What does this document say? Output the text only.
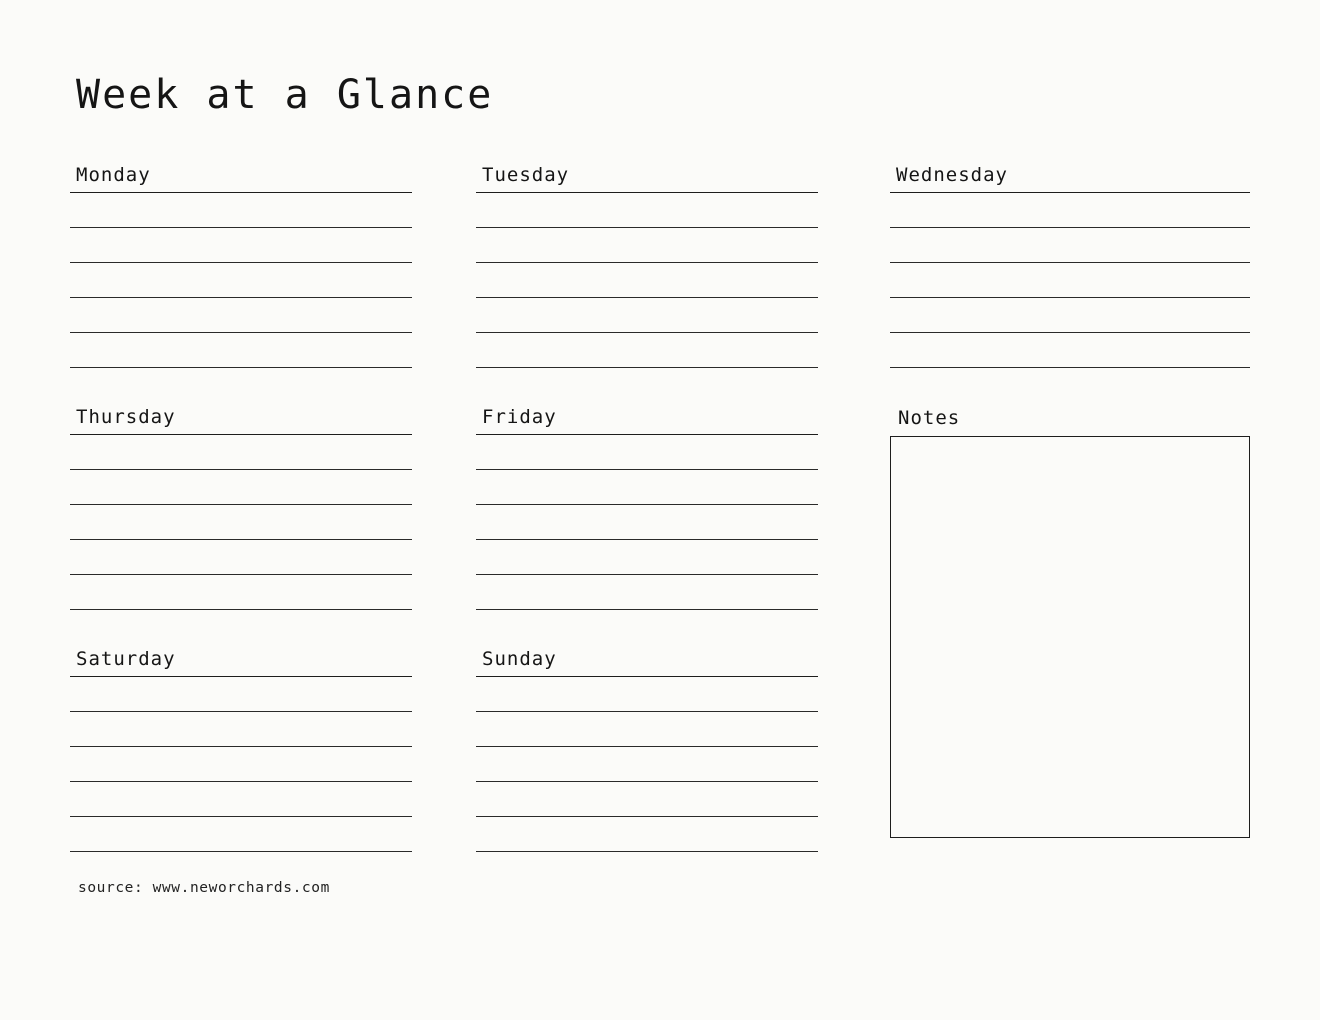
Week at a Glance
Monday
Thursday
Saturday
Tuesday
Friday
Sunday
Wednesday
Notes
source: www.neworchards.com
